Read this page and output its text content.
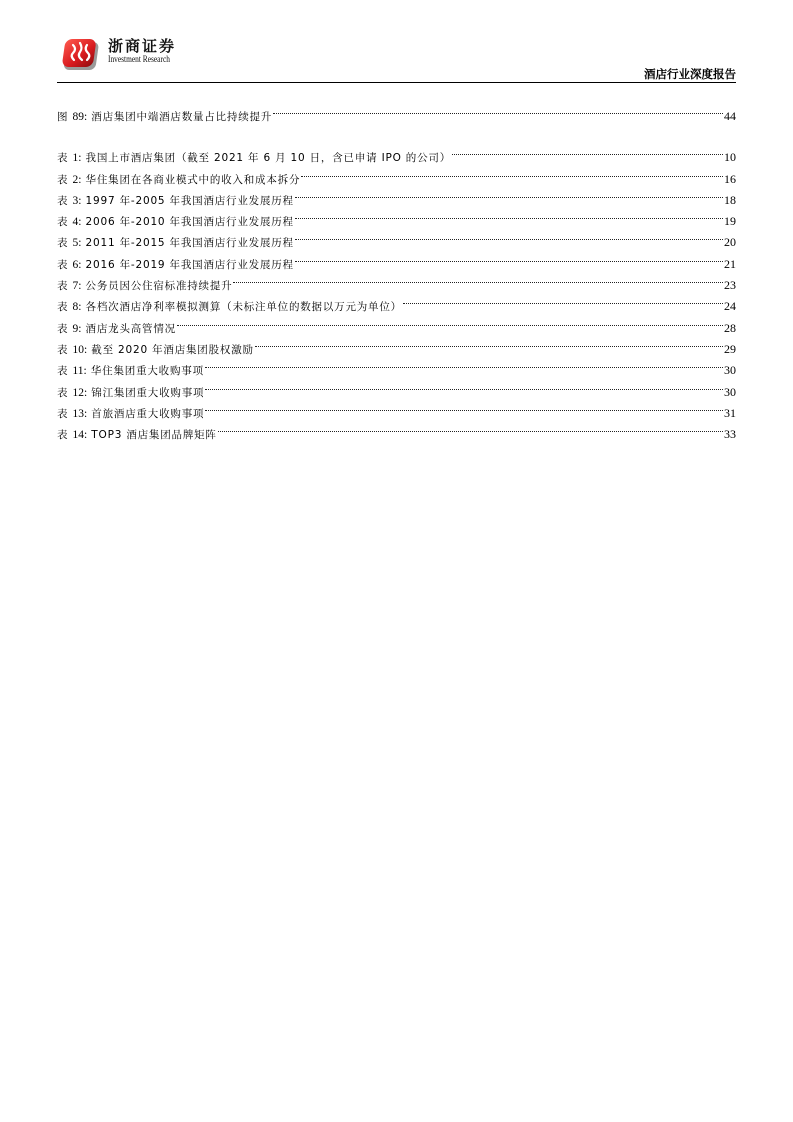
浙商证券
Investment Research
酒店行业深度报告
图 89: 酒店集团中端酒店数量占比持续提升	44
表 1: 我国上市酒店集团（截至 2021 年 6 月 10 日，含已申请 IPO 的公司）	10
表 2: 华住集团在各商业模式中的收入和成本拆分	16
表 3: 1997 年-2005 年我国酒店行业发展历程	18
表 4: 2006 年-2010 年我国酒店行业发展历程	19
表 5: 2011 年-2015 年我国酒店行业发展历程	20
表 6: 2016 年-2019 年我国酒店行业发展历程	21
表 7: 公务员因公住宿标准持续提升	23
表 8: 各档次酒店净利率模拟测算（未标注单位的数据以万元为单位）	24
表 9: 酒店龙头高管情况	28
表 10: 截至 2020 年酒店集团股权激励	29
表 11: 华住集团重大收购事项	30
表 12: 锦江集团重大收购事项	30
表 13: 首旅酒店重大收购事项	31
表 14: TOP3 酒店集团品牌矩阵	33
